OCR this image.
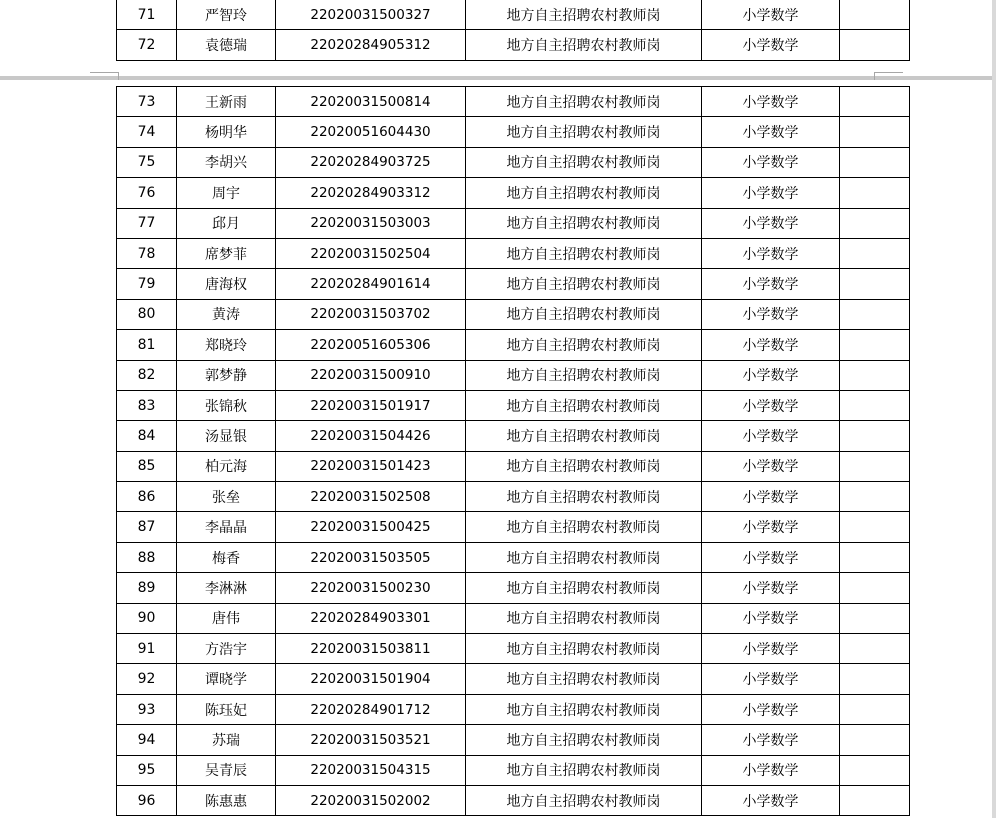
71	严智玲	22020031500327	地方自主招聘农村教师岗	小学数学	
72	袁德瑞	22020284905312	地方自主招聘农村教师岗	小学数学	
73	王新雨	22020031500814	地方自主招聘农村教师岗	小学数学	
74	杨明华	22020051604430	地方自主招聘农村教师岗	小学数学	
75	李胡兴	22020284903725	地方自主招聘农村教师岗	小学数学	
76	周宇	22020284903312	地方自主招聘农村教师岗	小学数学	
77	邱月	22020031503003	地方自主招聘农村教师岗	小学数学	
78	席梦菲	22020031502504	地方自主招聘农村教师岗	小学数学	
79	唐海权	22020284901614	地方自主招聘农村教师岗	小学数学	
80	黄涛	22020031503702	地方自主招聘农村教师岗	小学数学	
81	郑晓玲	22020051605306	地方自主招聘农村教师岗	小学数学	
82	郭梦静	22020031500910	地方自主招聘农村教师岗	小学数学	
83	张锦秋	22020031501917	地方自主招聘农村教师岗	小学数学	
84	汤显银	22020031504426	地方自主招聘农村教师岗	小学数学	
85	柏元海	22020031501423	地方自主招聘农村教师岗	小学数学	
86	张垒	22020031502508	地方自主招聘农村教师岗	小学数学	
87	李晶晶	22020031500425	地方自主招聘农村教师岗	小学数学	
88	梅香	22020031503505	地方自主招聘农村教师岗	小学数学	
89	李淋淋	22020031500230	地方自主招聘农村教师岗	小学数学	
90	唐伟	22020284903301	地方自主招聘农村教师岗	小学数学	
91	方浩宇	22020031503811	地方自主招聘农村教师岗	小学数学	
92	谭晓学	22020031501904	地方自主招聘农村教师岗	小学数学	
93	陈珏妃	22020284901712	地方自主招聘农村教师岗	小学数学	
94	苏瑞	22020031503521	地方自主招聘农村教师岗	小学数学	
95	吴青辰	22020031504315	地方自主招聘农村教师岗	小学数学	
96	陈惠惠	22020031502002	地方自主招聘农村教师岗	小学数学	
